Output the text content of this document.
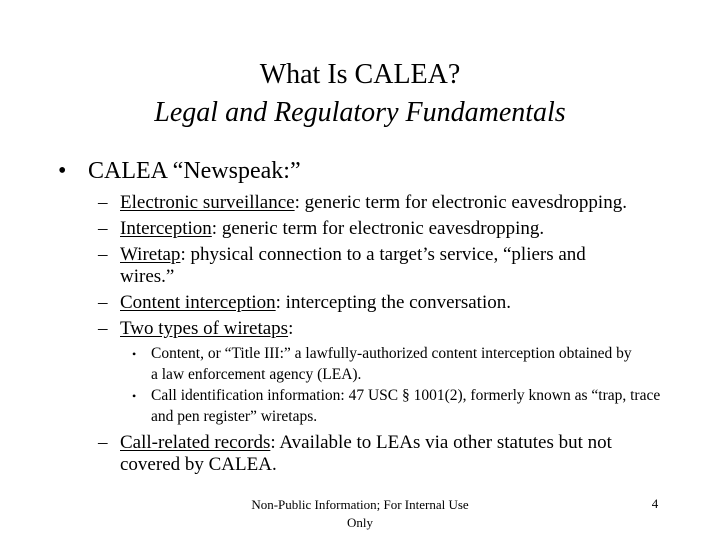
What Is CALEA?
Legal and Regulatory Fundamentals
• CALEA “Newspeak:”
– Electronic surveillance: generic term for electronic eavesdropping.
– Interception: generic term for electronic eavesdropping.
– Wiretap: physical connection to a target’s service, “pliers and wires.”
– Content interception: intercepting the conversation.
– Two types of wiretaps:
• Content, or “Title III:” a lawfully-authorized content interception obtained by a law enforcement agency (LEA).
• Call identification information: 47 USC § 1001(2), formerly known as “trap, trace and pen register” wiretaps.
– Call-related records: Available to LEAs via other statutes but not covered by CALEA.
Non-Public Information; For Internal Use Only
4
